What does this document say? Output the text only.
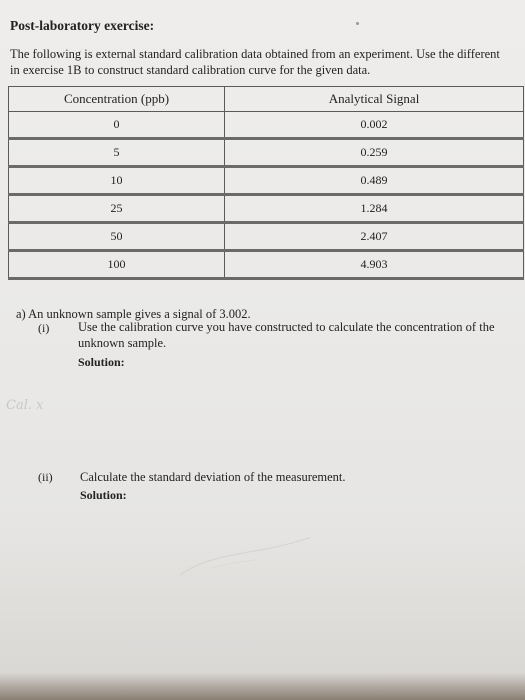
Post-laboratory exercise:
The following is external standard calibration data obtained from an experiment. Use the different in exercise 1B to construct standard calibration curve for the given data.
Concentration (ppb)	Analytical Signal
0	0.002
5	0.259
10	0.489
25	1.284
50	2.407
100	4.903
a) An unknown sample gives a signal of 3.002.
(i) Use the calibration curve you have constructed to calculate the concentration of the unknown sample.
Solution:
Cal. x
(ii) Calculate the standard deviation of the measurement.
Solution:
